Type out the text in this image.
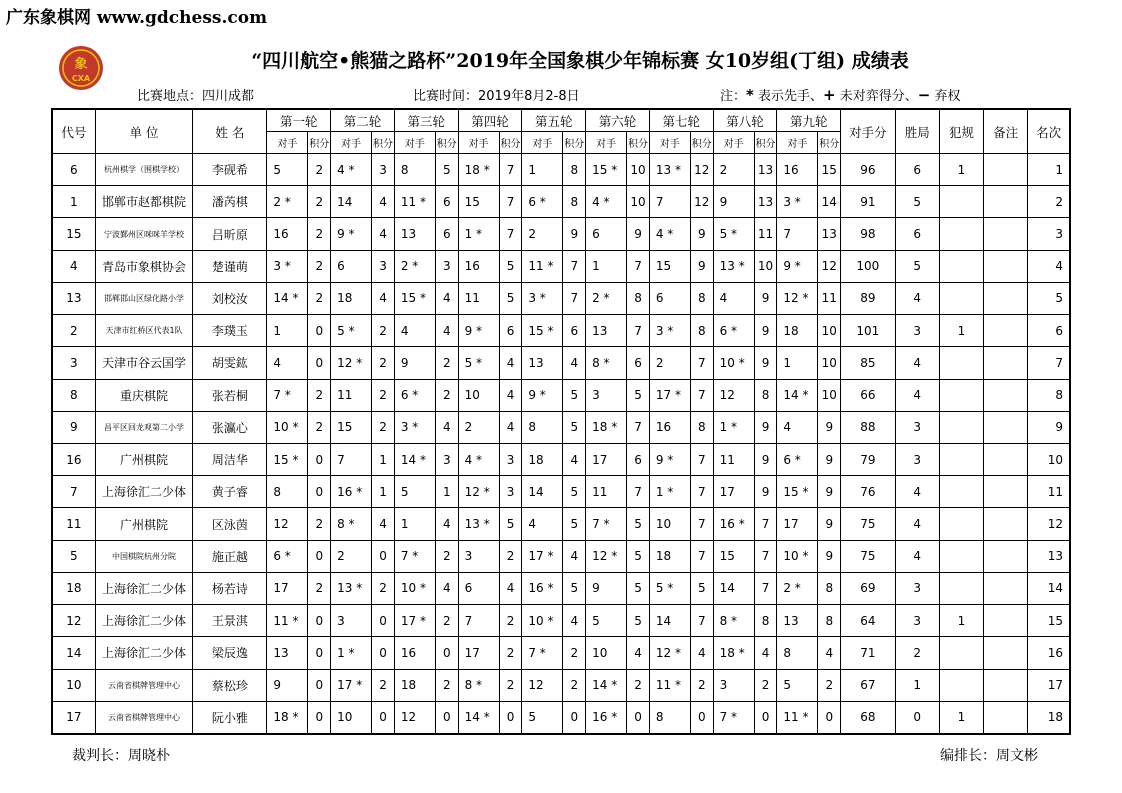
广东象棋网 www.gdchess.com
象
CXA
“四川航空•熊猫之路杯”2019年全国象棋少年锦标赛 女10岁组(丁组) 成绩表
比赛地点：四川成都	比赛时间：2019年8月2-8日	注：* 表示先手、+ 未对弈得分、− 弃权
代号	单 位	姓 名	第一轮		第二轮		第三轮		第四轮		第五轮		第六轮		第七轮		第八轮		第九轮		对手分	胜局	犯规	备注	名次
			对手	积分	对手	积分	对手	积分	对手	积分	对手	积分	对手	积分	对手	积分	对手	积分	对手	积分					
6	杭州棋学（围棋学校）	李砚希	5	2	4 *	3	8	5	18 *	7	1	8	15 *	10	13 *	12	2	13	16	15	96	6	1		1
1	邯郸市赵都棋院	潘芮棋	2 *	2	14	4	11 *	6	15	7	6 *	8	4 *	10	7	12	9	13	3 *	14	91	5			2
15	宁波鄞州区咪咪羊学校	吕昕原	16	2	9 *	4	13	6	1 *	7	2	9	6	9	4 *	9	5 *	11	7	13	98	6			3
4	青岛市象棋协会	楚谨萌	3 *	2	6	3	2 *	3	16	5	11 *	7	1	7	15	9	13 *	10	9 *	12	100	5			4
13	邯郸邯山区绿化路小学	刘校汝	14 *	2	18	4	15 *	4	11	5	3 *	7	2 *	8	6	8	4	9	12 *	11	89	4			5
2	天津市红桥区代表1队	李璞玉	1	0	5 *	2	4	4	9 *	6	15 *	6	13	7	3 *	8	6 *	9	18	10	101	3	1		6
3	天津市谷云国学	胡雯鈜	4	0	12 *	2	9	2	5 *	4	13	4	8 *	6	2	7	10 *	9	1	10	85	4			7
8	重庆棋院	张若桐	7 *	2	11	2	6 *	2	10	4	9 *	5	3	5	17 *	7	12	8	14 *	10	66	4			8
9	昌平区回龙观第二小学	张瀛心	10 *	2	15	2	3 *	4	2	4	8	5	18 *	7	16	8	1 *	9	4	9	88	3			9
16	广州棋院	周洁华	15 *	0	7	1	14 *	3	4 *	3	18	4	17	6	9 *	7	11	9	6 *	9	79	3			10
7	上海徐汇二少体	黄子睿	8	0	16 *	1	5	1	12 *	3	14	5	11	7	1 *	7	17	9	15 *	9	76	4			11
11	广州棋院	区泳茵	12	2	8 *	4	1	4	13 *	5	4	5	7 *	5	10	7	16 *	7	17	9	75	4			12
5	中国棋院杭州分院	施正越	6 *	0	2	0	7 *	2	3	2	17 *	4	12 *	5	18	7	15	7	10 *	9	75	4			13
18	上海徐汇二少体	杨若诗	17	2	13 *	2	10 *	4	6	4	16 *	5	9	5	5 *	5	14	7	2 *	8	69	3			14
12	上海徐汇二少体	王景淇	11 *	0	3	0	17 *	2	7	2	10 *	4	5	5	14	7	8 *	8	13	8	64	3	1		15
14	上海徐汇二少体	梁辰逸	13	0	1 *	0	16	0	17	2	7 *	2	10	4	12 *	4	18 *	4	8	4	71	2			16
10	云南省棋牌管理中心	蔡松珍	9	0	17 *	2	18	2	8 *	2	12	2	14 *	2	11 *	2	3	2	5	2	67	1			17
17	云南省棋牌管理中心	阮小雅	18 *	0	10	0	12	0	14 *	0	5	0	16 *	0	8	0	7 *	0	11 *	0	68	0	1		18
裁判长：周晓朴	编排长：周文彬
